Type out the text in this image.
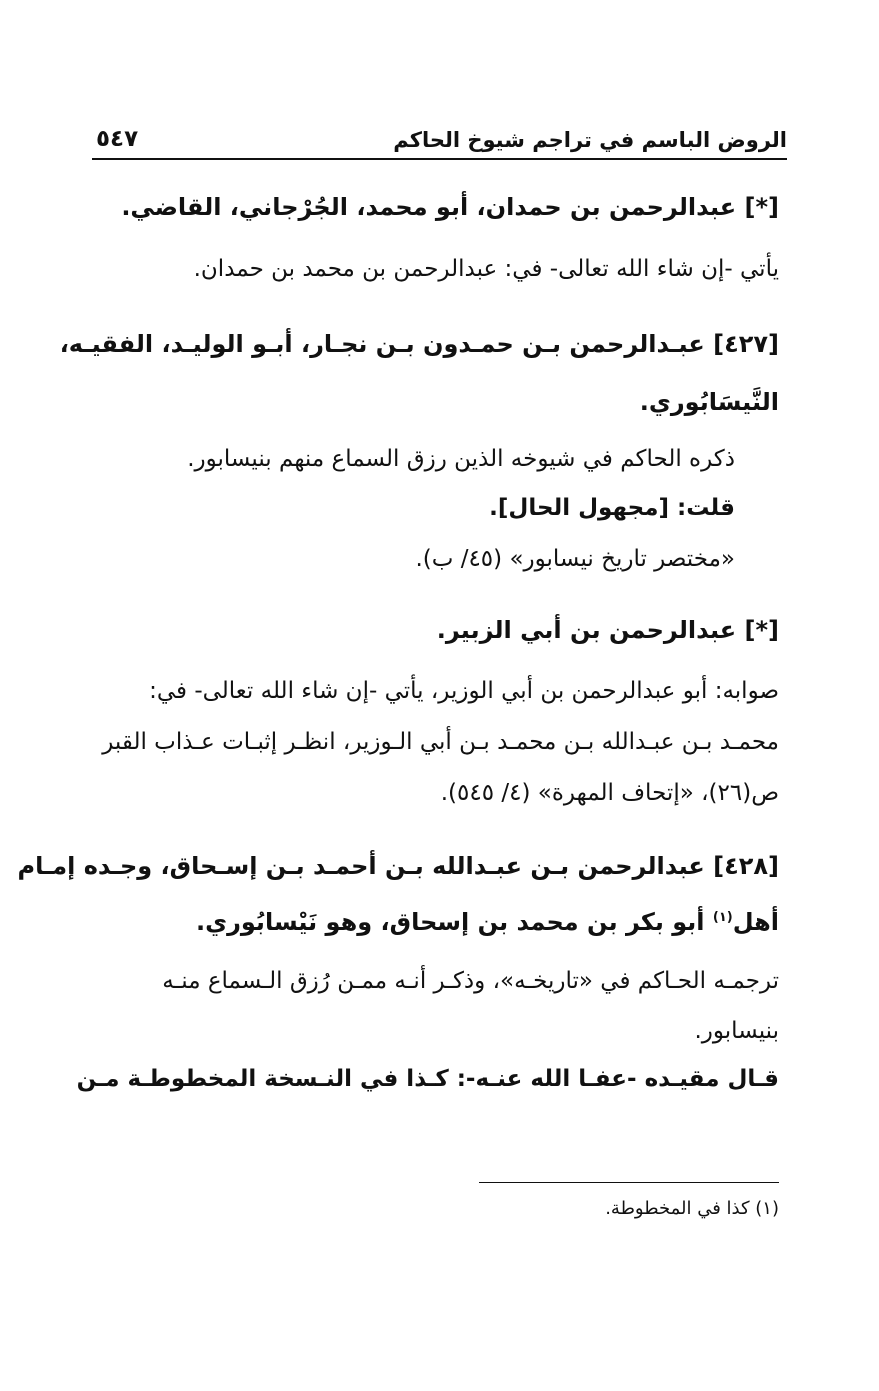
الروض الباسم في تراجم شيوخ الحاكم
٥٤٧
[*] عبدالرحمن بن حمدان، أبو محمد، الجُرْجاني، القاضي.
يأتي -إن شاء الله تعالى- في: عبدالرحمن بن محمد بن حمدان.
[٤٢٧] عبـدالرحمن بـن حمـدون بـن نجـار، أبـو الوليـد، الفقيـه،
النَّيسَابُوري.
ذكره الحاكم في شيوخه الذين رزق السماع منهم بنيسابور.
قلت: [مجهول الحال].
«مختصر تاريخ نيسابور» (٤٥/ ب).
[*] عبدالرحمن بن أبي الزبير.
صوابه: أبو عبدالرحمن بن أبي الوزير، يأتي -إن شاء الله تعالى- في:
محمـد بـن عبـدالله بـن محمـد بـن أبي الـوزير، انظـر إثبـات عـذاب القبر
ص(٢٦)، «إتحاف المهرة» (٤/ ٥٤٥).
[٤٢٨] عبدالرحمن بـن عبـدالله بـن أحمـد بـن إسـحاق، وجـده إمـام
أهل$^{(١)}$ أبو بكر بن محمد بن إسحاق، وهو نَيْسابُوري.
ترجمـه الحـاكم في «تاريخـه»، وذكـر أنـه ممـن رُزق الـسماع منـه
بنيسابور.
قـال مقيـده -عفـا الله عنـه-: كـذا في النـسخة المخطوطـة مـن
(١) كذا في المخطوطة.
